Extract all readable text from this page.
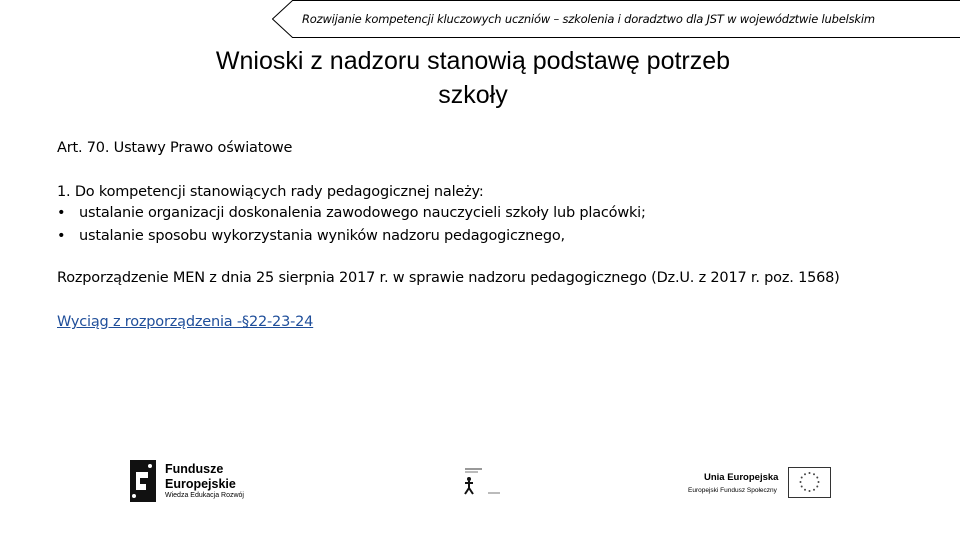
Rozwijanie kompetencji kluczowych uczniów – szkolenia i doradztwo dla JST w województwie lubelskim
Wnioski z nadzoru stanowią podstawę potrzeb
szkoły
Art. 70. Ustawy Prawo oświatowe
1. Do kompetencji stanowiących rady pedagogicznej należy:
• ustalanie organizacji doskonalenia zawodowego nauczycieli szkoły lub placówki;
• ustalanie sposobu wykorzystania wyników nadzoru pedagogicznego,
Rozporządzenie MEN z dnia 25 sierpnia 2017 r. w sprawie nadzoru pedagogicznego (Dz.U. z 2017 r. poz. 1568)
Wyciąg z rozporządzenia -§22-23-24
Fundusze
Europejskie
Wiedza Edukacja Rozwój
Unia Europejska
Europejski Fundusz Społeczny
